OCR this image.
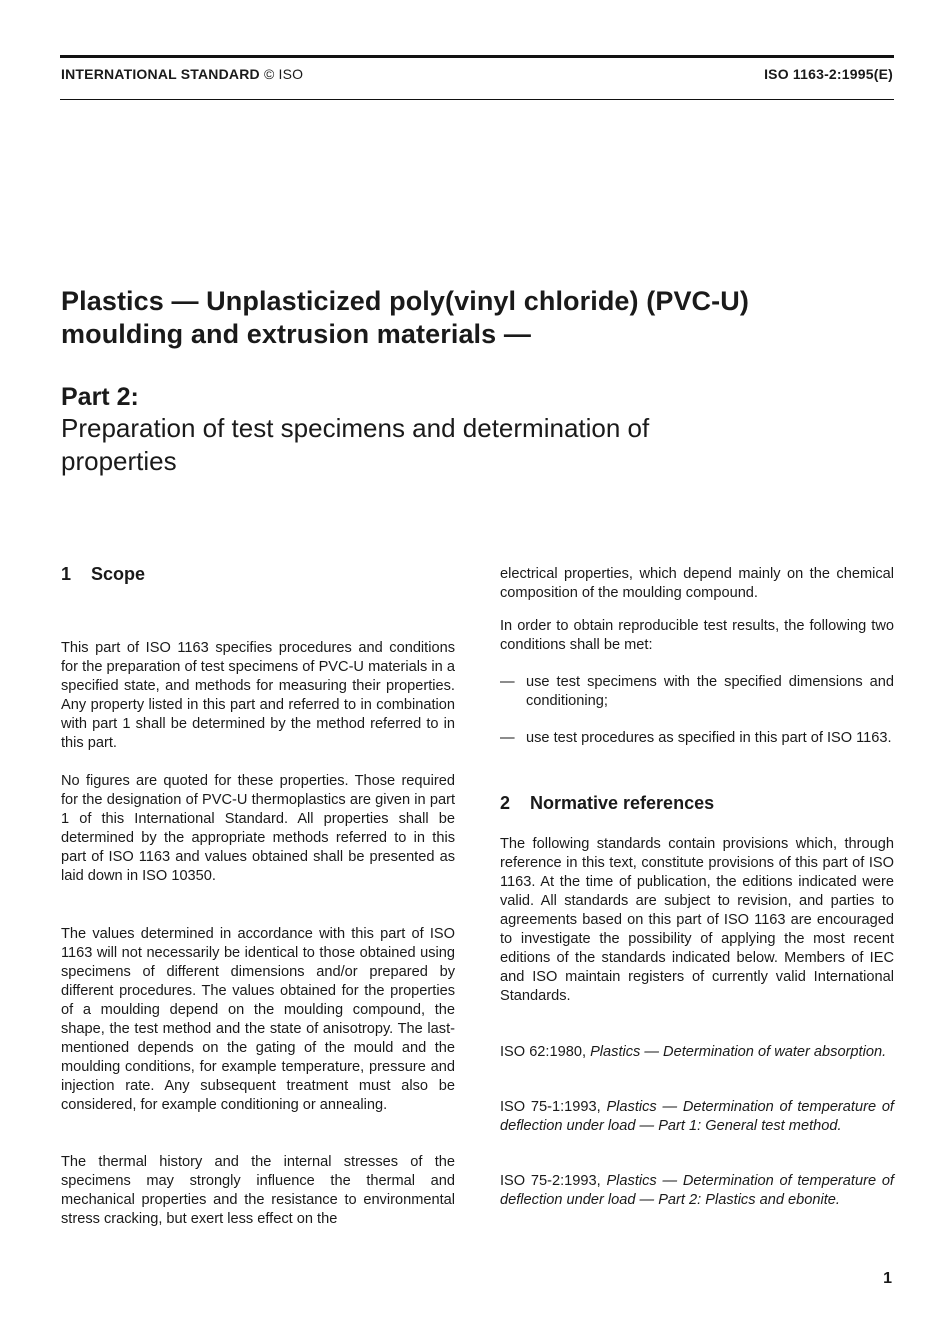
INTERNATIONAL STANDARD © ISO	ISO 1163-2:1995(E)
Plastics — Unplasticized poly(vinyl chloride) (PVC-U)
moulding and extrusion materials —
Part 2:
Preparation of test specimens and determination of
properties
1 Scope

This part of ISO 1163 specifies procedures and conditions for the preparation of test specimens of PVC-U materials in a specified state, and methods for measuring their properties. Any property listed in this part and referred to in combination with part 1 shall be determined by the method referred to in this part.

No figures are quoted for these properties. Those required for the designation of PVC-U thermoplastics are given in part 1 of this International Standard. All properties shall be determined by the appropriate methods referred to in this part of ISO 1163 and values obtained shall be presented as laid down in ISO 10350.

The values determined in accordance with this part of ISO 1163 will not necessarily be identical to those obtained using specimens of different dimensions and/or prepared by different procedures. The values obtained for the properties of a moulding depend on the moulding compound, the shape, the test method and the state of anisotropy. The last-mentioned depends on the gating of the mould and the moulding conditions, for example temperature, pressure and injection rate. Any subsequent treatment must also be considered, for example conditioning or annealing.

The thermal history and the internal stresses of the specimens may strongly influence the thermal and mechanical properties and the resistance to environmental stress cracking, but exert less effect on the

electrical properties, which depend mainly on the chemical composition of the moulding compound.

In order to obtain reproducible test results, the following two conditions shall be met:

— use test specimens with the specified dimensions and conditioning;
— use test procedures as specified in this part of ISO 1163.
2 Normative references

The following standards contain provisions which, through reference in this text, constitute provisions of this part of ISO 1163. At the time of publication, the editions indicated were valid. All standards are subject to revision, and parties to agreements based on this part of ISO 1163 are encouraged to investigate the possibility of applying the most recent editions of the standards indicated below. Members of IEC and ISO maintain registers of currently valid International Standards.

ISO 62:1980, Plastics — Determination of water absorption.

ISO 75-1:1993, Plastics — Determination of temperature of deflection under load — Part 1: General test method.

ISO 75-2:1993, Plastics — Determination of temperature of deflection under load — Part 2: Plastics and ebonite.

1
